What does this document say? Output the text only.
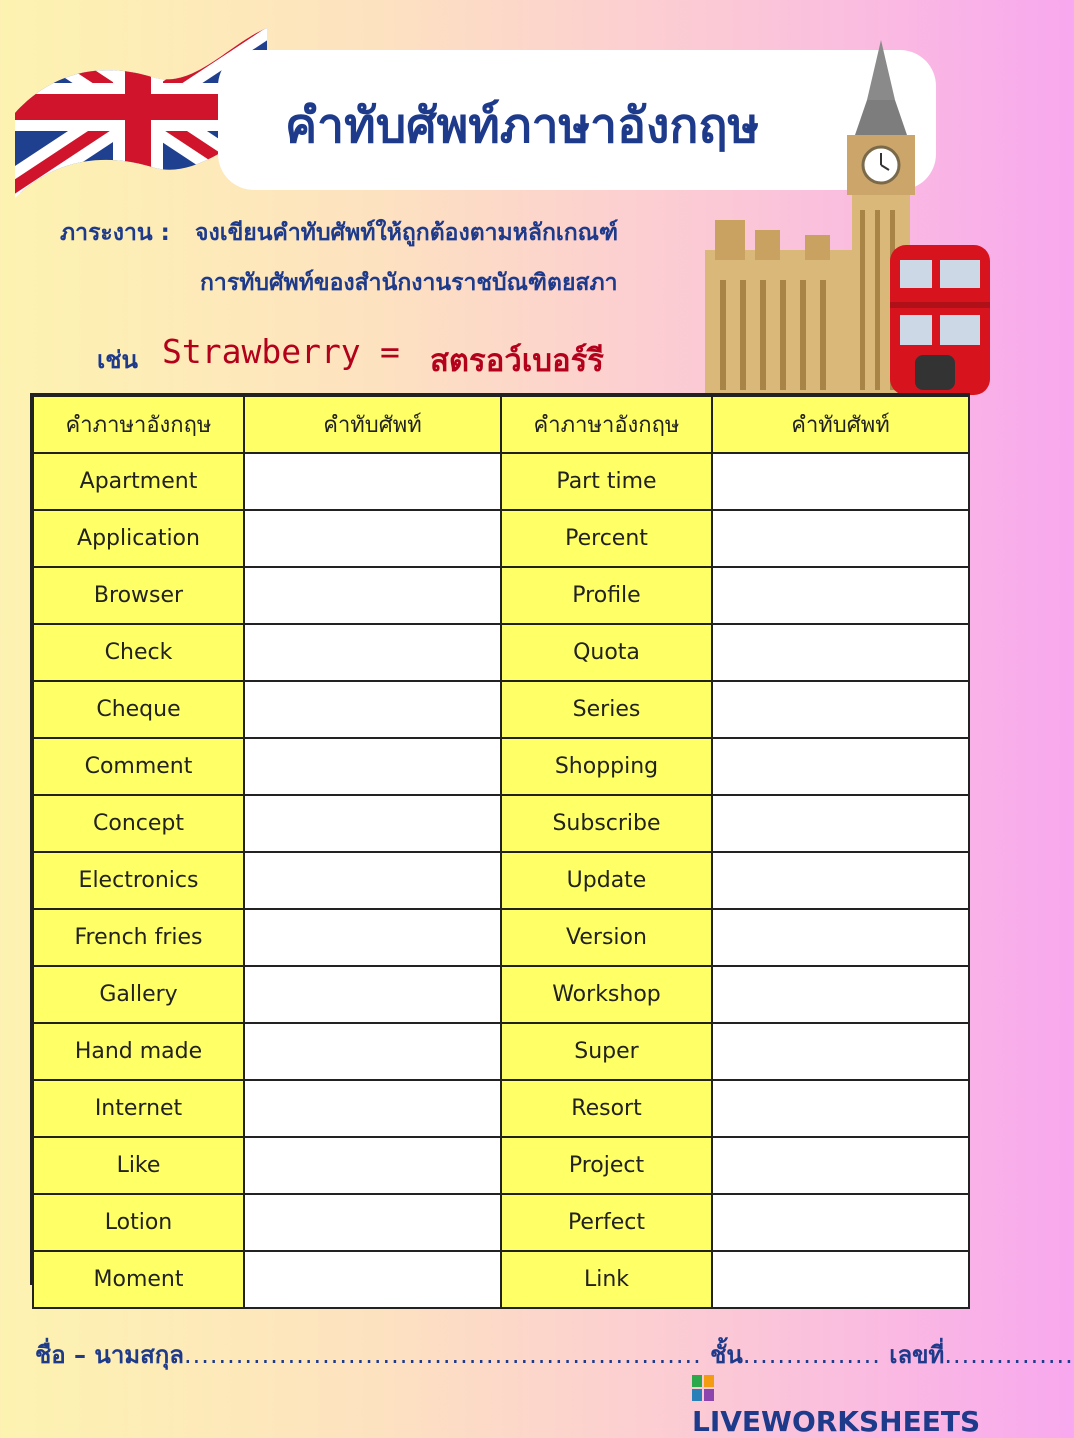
คำทับศัพท์ภาษาอังกฤษ
ภาระงาน : จงเขียนคำทับศัพท์ให้ถูกต้องตามหลักเกณฑ์
การทับศัพท์ของสำนักงานราชบัณฑิตยสภา
เช่น Strawberry = สตรอว์เบอร์รี
คำภาษาอังกฤษ	คำทับศัพท์	คำภาษาอังกฤษ	คำทับศัพท์
Apartment		Part time	
Application		Percent	
Browser		Profile	
Check		Quota	
Cheque		Series	
Comment		Shopping	
Concept		Subscribe	
Electronics		Update	
French fries		Version	
Gallery		Workshop	
Hand made		Super	
Internet		Resort	
Like		Project	
Lotion		Perfect	
Moment		Link	
ชื่อ – นามสกุล............................................................ ชั้น................ เลขที่...............
LIVEWORKSHEETS
